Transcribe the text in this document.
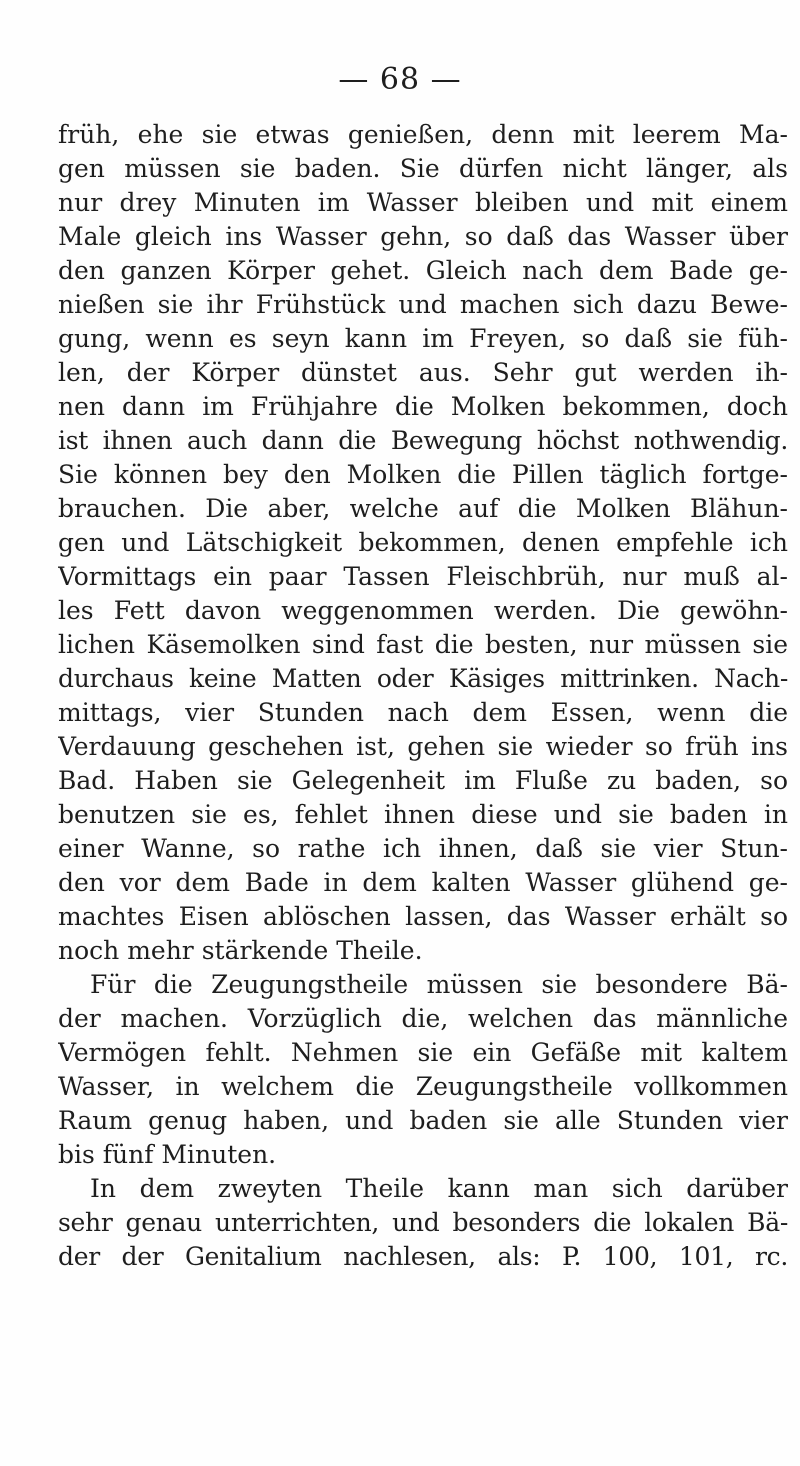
— 68 —
früh, ehe sie etwas genießen, denn mit leerem Ma-
gen müssen sie baden. Sie dürfen nicht länger, als
nur drey Minuten im Wasser bleiben und mit einem
Male gleich ins Wasser gehn, so daß das Wasser über
den ganzen Körper gehet. Gleich nach dem Bade ge-
nießen sie ihr Frühstück und machen sich dazu Bewe-
gung, wenn es seyn kann im Freyen, so daß sie füh-
len, der Körper dünstet aus. Sehr gut werden ih-
nen dann im Frühjahre die Molken bekommen, doch
ist ihnen auch dann die Bewegung höchst nothwendig.
Sie können bey den Molken die Pillen täglich fortge-
brauchen. Die aber, welche auf die Molken Blähun-
gen und Lätschigkeit bekommen, denen empfehle ich
Vormittags ein paar Tassen Fleischbrüh, nur muß al-
les Fett davon weggenommen werden. Die gewöhn-
lichen Käsemolken sind fast die besten, nur müssen sie
durchaus keine Matten oder Käsiges mittrinken. Nach-
mittags, vier Stunden nach dem Essen, wenn die
Verdauung geschehen ist, gehen sie wieder so früh ins
Bad. Haben sie Gelegenheit im Fluße zu baden, so
benutzen sie es, fehlet ihnen diese und sie baden in
einer Wanne, so rathe ich ihnen, daß sie vier Stun-
den vor dem Bade in dem kalten Wasser glühend ge-
machtes Eisen ablöschen lassen, das Wasser erhält so
noch mehr stärkende Theile.
Für die Zeugungstheile müssen sie besondere Bä-
der machen. Vorzüglich die, welchen das männliche
Vermögen fehlt. Nehmen sie ein Gefäße mit kaltem
Wasser, in welchem die Zeugungstheile vollkommen
Raum genug haben, und baden sie alle Stunden vier
bis fünf Minuten.
In dem zweyten Theile kann man sich darüber
sehr genau unterrichten, und besonders die lokalen Bä-
der der Genitalium nachlesen, als: P. 100, 101, rc.
